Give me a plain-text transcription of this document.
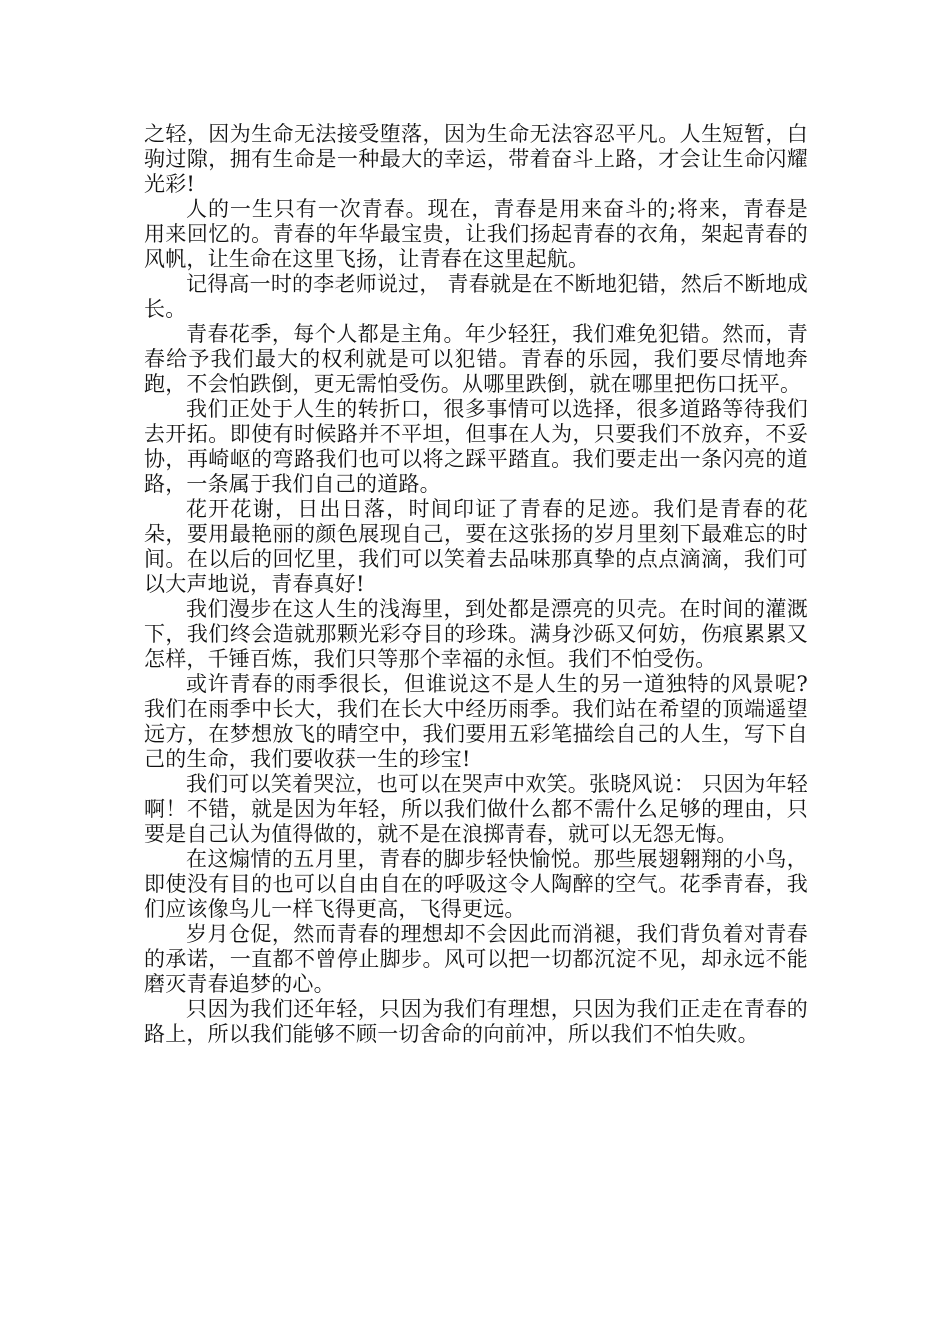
之轻，因为生命无法接受堕落，因为生命无法容忍平凡。人生短暂，白驹过隙，拥有生命是一种最大的幸运，带着奋斗上路，才会让生命闪耀光彩!

人的一生只有一次青春。现在，青春是用来奋斗的;将来，青春是用来回忆的。青春的年华最宝贵，让我们扬起青春的衣角，架起青春的风帆，让生命在这里飞扬，让青春在这里起航。

记得高一时的李老师说过， 青春就是在不断地犯错，然后不断地成长。

青春花季，每个人都是主角。年少轻狂，我们难免犯错。然而，青春给予我们最大的权利就是可以犯错。青春的乐园，我们要尽情地奔跑，不会怕跌倒，更无需怕受伤。从哪里跌倒，就在哪里把伤口抚平。

我们正处于人生的转折口，很多事情可以选择，很多道路等待我们去开拓。即使有时候路并不平坦，但事在人为，只要我们不放弃，不妥协，再崎岖的弯路我们也可以将之踩平踏直。我们要走出一条闪亮的道路，一条属于我们自己的道路。

花开花谢，日出日落，时间印证了青春的足迹。我们是青春的花朵，要用最艳丽的颜色展现自己，要在这张扬的岁月里刻下最难忘的时间。在以后的回忆里，我们可以笑着去品味那真挚的点点滴滴，我们可以大声地说，青春真好!

我们漫步在这人生的浅海里，到处都是漂亮的贝壳。在时间的灌溉下，我们终会造就那颗光彩夺目的珍珠。满身沙砾又何妨，伤痕累累又怎样，千锤百炼，我们只等那个幸福的永恒。我们不怕受伤。

或许青春的雨季很长，但谁说这不是人生的另一道独特的风景呢?我们在雨季中长大，我们在长大中经历雨季。我们站在希望的顶端遥望远方，在梦想放飞的晴空中，我们要用五彩笔描绘自己的人生，写下自己的生命，我们要收获一生的珍宝!

我们可以笑着哭泣，也可以在哭声中欢笑。张晓风说： 只因为年轻啊！不错，就是因为年轻，所以我们做什么都不需什么足够的理由，只要是自己认为值得做的，就不是在浪掷青春，就可以无怨无悔。

在这煽情的五月里，青春的脚步轻快愉悦。那些展翅翱翔的小鸟，即使没有目的也可以自由自在的呼吸这令人陶醉的空气。花季青春，我们应该像鸟儿一样飞得更高，飞得更远。

岁月仓促，然而青春的理想却不会因此而消褪，我们背负着对青春的承诺，一直都不曾停止脚步。风可以把一切都沉淀不见，却永远不能磨灭青春追梦的心。

只因为我们还年轻，只因为我们有理想，只因为我们正走在青春的路上，所以我们能够不顾一切舍命的向前冲，所以我们不怕失败。
